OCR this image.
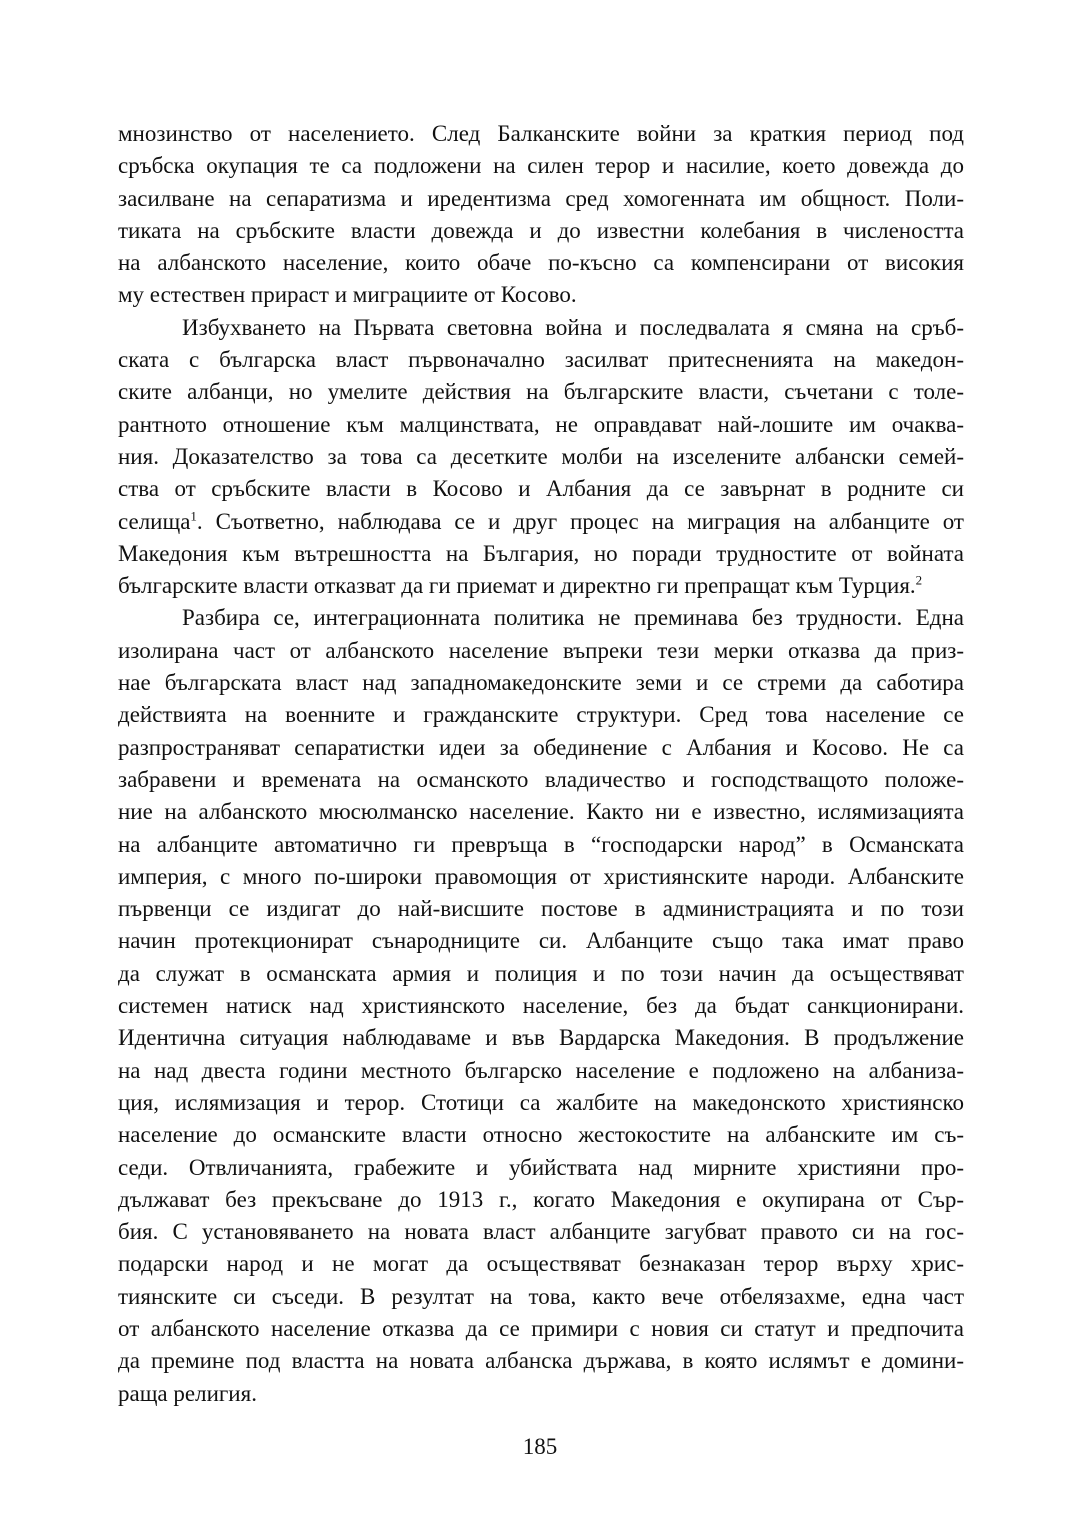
мнозинство от населението. След Балканските войни за краткия период под
сръбска окупация те са подложени на силен терор и насилие, което довежда до
засилване на сепаратизма и иредентизма сред хомогенната им общност. Поли-
тиката на сръбските власти довежда и до известни колебания в числеността
на албанското население, които обаче по-късно са компенсирани от високия
му естествен прираст и миграциите от Косово.

Избухването на Първата световна война и последвалата я смяна на сръб-
ската с българска власт първоначално засилват притесненията на македон-
ските албанци, но умелите действия на българските власти, съчетани с толе-
рантното отношение към малцинствата, не оправдават най-лошите им очаква-
ния. Доказателство за това са десетките молби на изселените албански семей-
ства от сръбските власти в Косово и Албания да се завърнат в родните си
селища$^1$. Съответно, наблюдава се и друг процес на миграция на албанците от
Македония към вътрешността на България, но поради трудностите от войната
българските власти отказват да ги приемат и директно ги препращат към Турция.$^2$

Разбира се, интеграционната политика не преминава без трудности. Една
изолирана част от албанското население въпреки тези мерки отказва да приз-
нае българската власт над западномакедонските земи и се стреми да саботира
действията на военните и гражданските структури. Сред това население се
разпространяват сепаратистки идеи за обединение с Албания и Косово. Не са
забравени и времената на османското владичество и господстващото положе-
ние на албанското мюсюлманско население. Както ни е известно, ислямизацията
на албанците автоматично ги превръща в “господарски народ” в Османската
империя, с много по-широки правомощия от християнските народи. Албанските
първенци се издигат до най-висшите постове в администрацията и по този
начин протекционират сънародниците си. Албанците също така имат право
да служат в османската армия и полиция и по този начин да осъществяват
системен натиск над християнското население, без да бъдат санкционирани.
Идентична ситуация наблюдаваме и във Вардарска Македония. В продължение
на над двеста години местното българско население е подложено на албаниза-
ция, ислямизация и терор. Стотици са жалбите на македонското християнско
население до османските власти относно жестокостите на албанските им съ-
седи. Отвличанията, грабежите и убийствата над мирните християни про-
дължават без прекъсване до 1913 г., когато Македония е окупирана от Сър-
бия. С установяването на новата власт албанците загубват правото си на гос-
подарски народ и не могат да осъществяват безнаказан терор върху хрис-
тиянските си съседи. В резултат на това, както вече отбелязахме, една част
от албанското население отказва да се примири с новия си статут и предпочита
да премине под властта на новата албанска държава, в която ислямът е домини-
раща религия.

185
